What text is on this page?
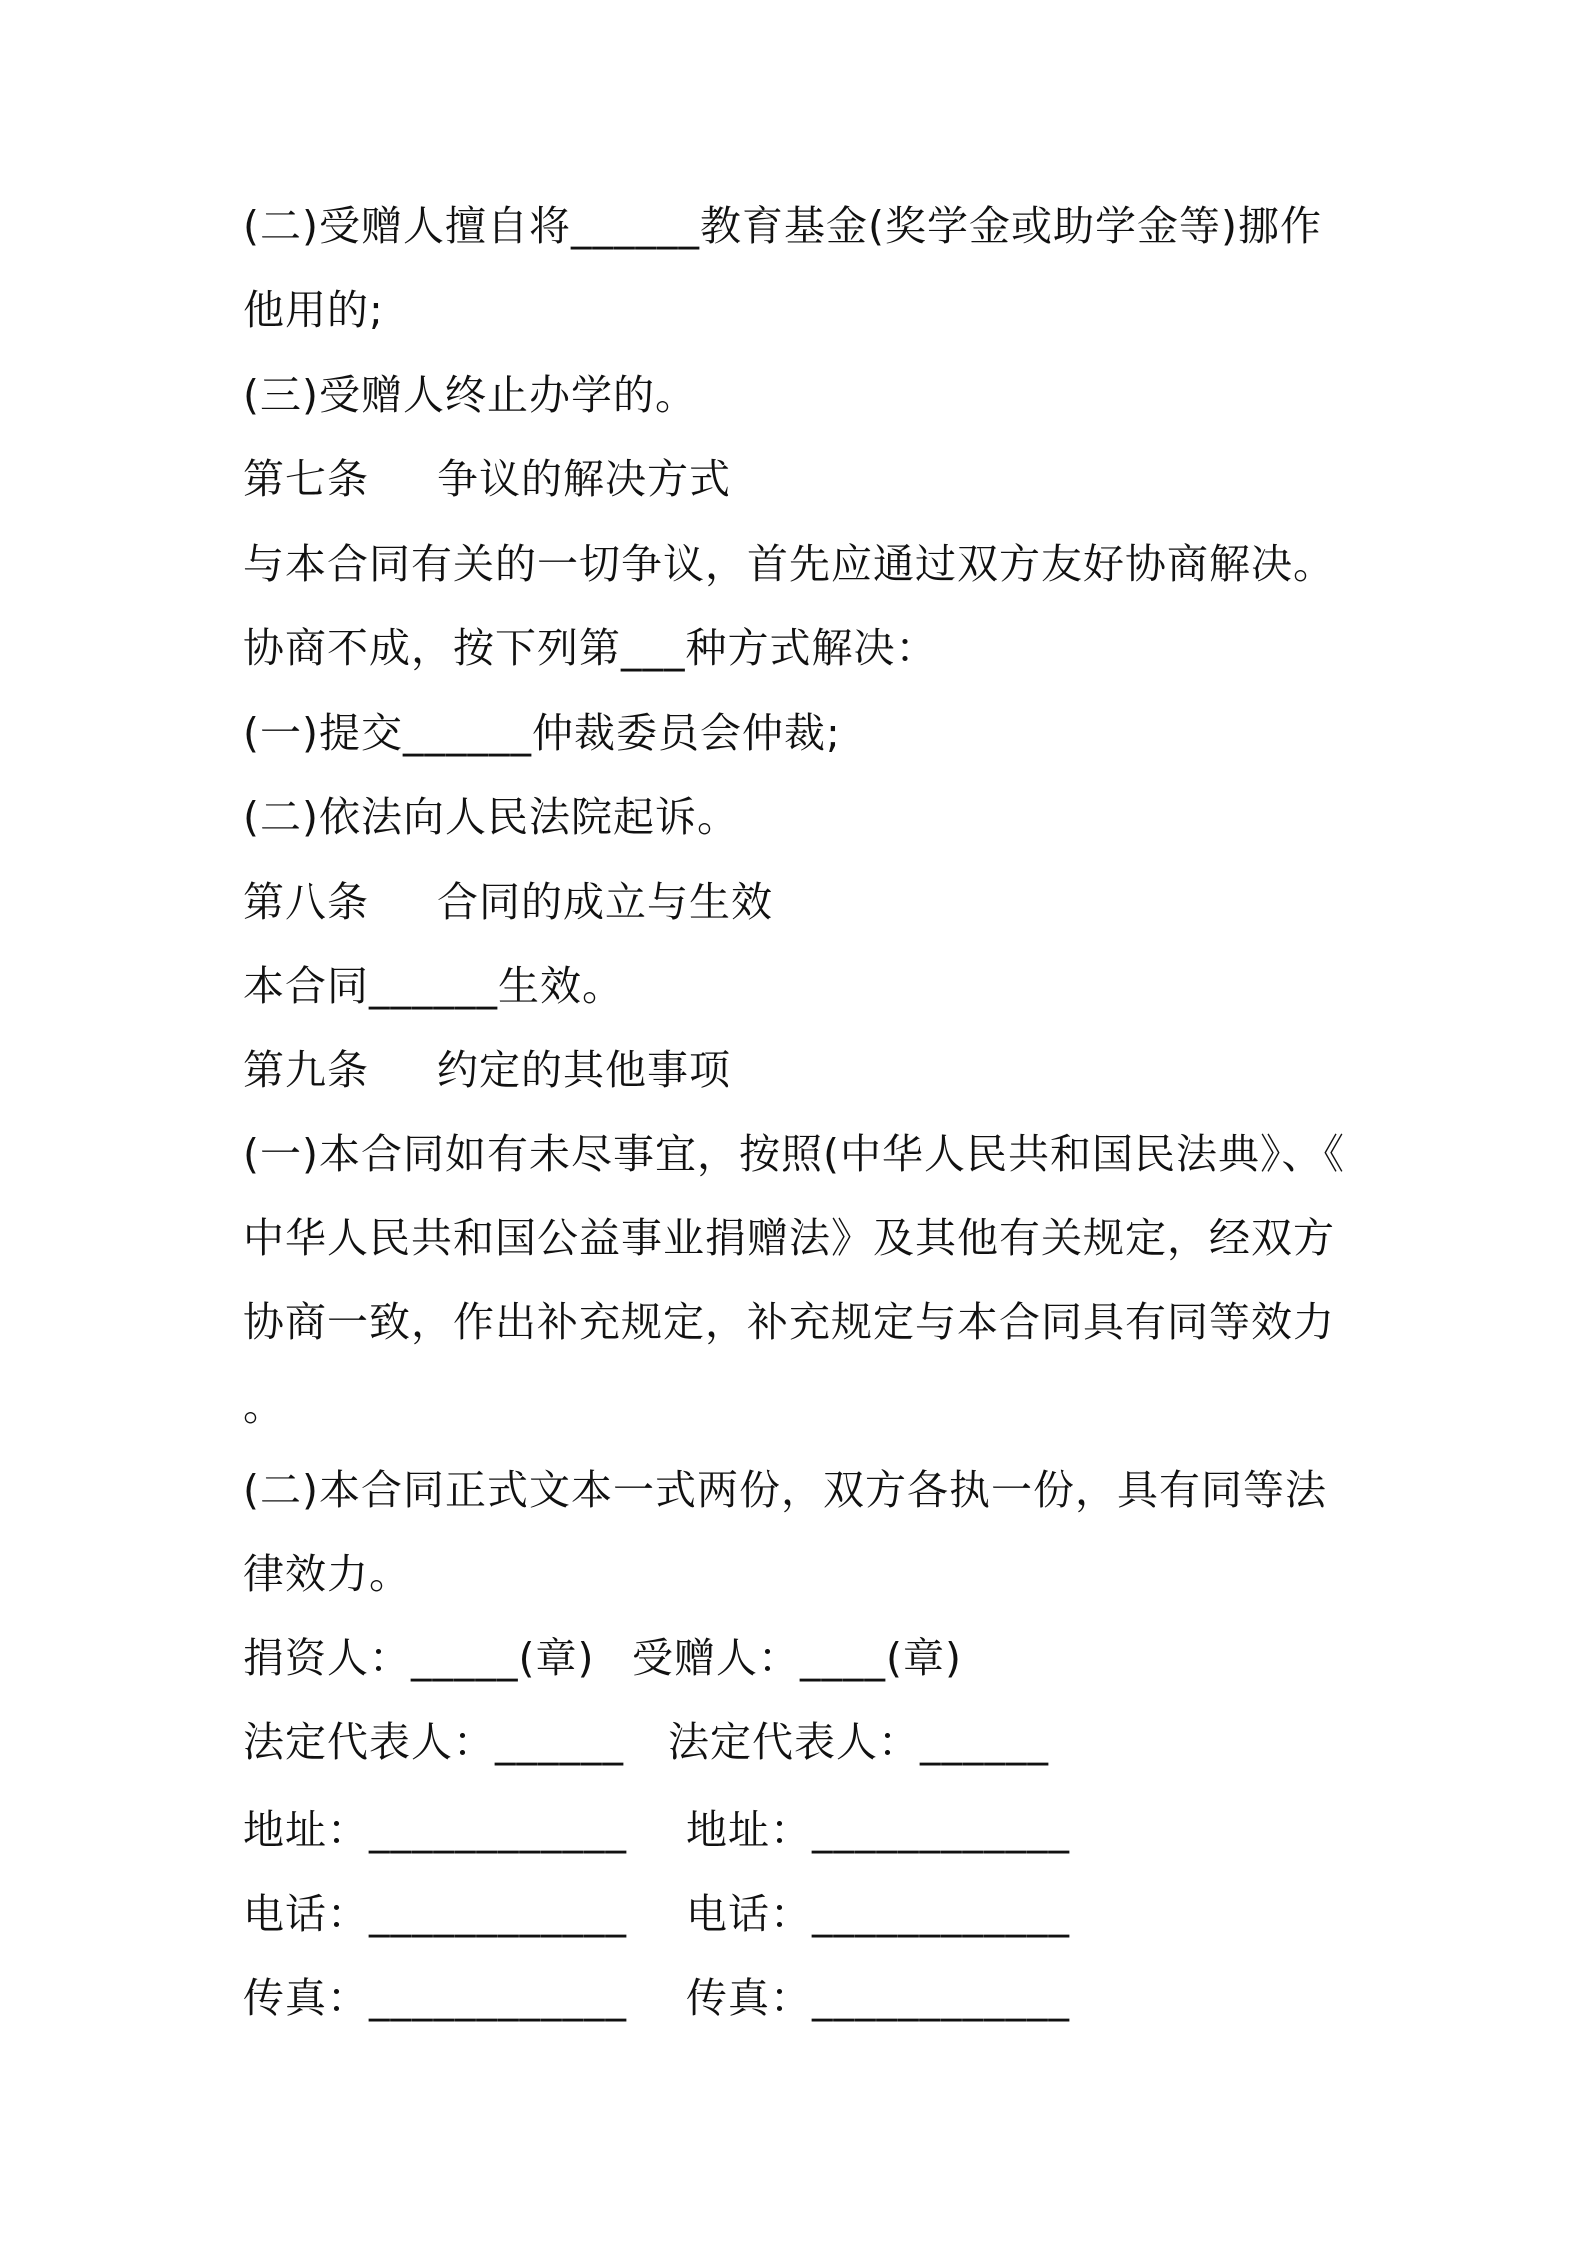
(二)受赠人擅自将______教育基金(奖学金或助学金等)挪作
他用的;
(三)受赠人终止办学的。
第七条 争议的解决方式
与本合同有关的一切争议，首先应通过双方友好协商解决。
协商不成，按下列第___种方式解决：
(一)提交______仲裁委员会仲裁;
(二)依法向人民法院起诉。
第八条 合同的成立与生效
本合同______生效。
第九条 约定的其他事项
(一)本合同如有未尽事宜，按照(中华人民共和国民法典》、《
中华人民共和国公益事业捐赠法》及其他有关规定，经双方
协商一致，作出补充规定，补充规定与本合同具有同等效力
。
(二)本合同正式文本一式两份，双方各执一份，具有同等法
律效力。
捐资人：_____(章) 受赠人：____(章)
法定代表人：______ 法定代表人：______
地址：____________ 地址：____________
电话：____________ 电话：____________
传真：____________ 传真：____________
